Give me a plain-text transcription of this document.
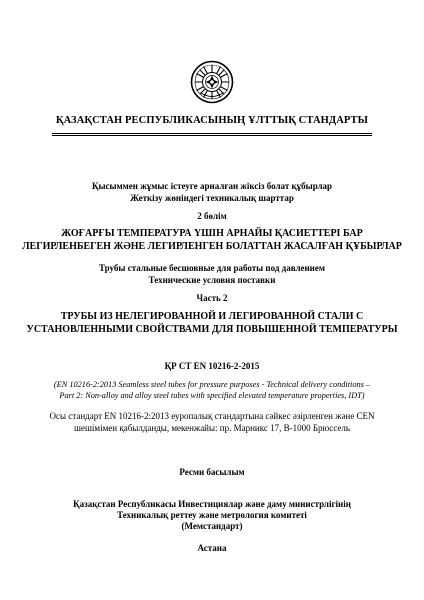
ҚАЗАҚСТАН РЕСПУБЛИКАСЫНЫҢ ҰЛТТЫҚ СТАНДАРТЫ
Қысыммен жұмыс істеуге арналған жіксіз болат құбырлар
Жеткізу жөніндегі техникалық шарттар
2 бөлім
ЖОҒАРҒЫ ТЕМПЕРАТУРА ҮШІН АРНАЙЫ ҚАСИЕТТЕРІ БАР
ЛЕГИРЛЕНБЕГЕН ЖӘНЕ ЛЕГИРЛЕНГЕН БОЛАТТАН ЖАСАЛҒАН ҚҰБЫРЛАР
Трубы стальные бесшовные для работы под давлением
Технические условия поставки
Часть 2
ТРУБЫ ИЗ НЕЛЕГИРОВАННОЙ И ЛЕГИРОВАННОЙ СТАЛИ С
УСТАНОВЛЕННЫМИ СВОЙСТВАМИ ДЛЯ ПОВЫШЕННОЙ ТЕМПЕРАТУРЫ
ҚР СТ EN 10216-2-2015
(EN 10216-2:2013 Seamless steel tubes for pressure purposes - Technical delivery conditions –
Part 2: Non-alloy and alloy steel tubes with specified elevated temperature properties, IDT)
Осы стандарт EN 10216-2:2013 еуропалық стандартына сәйкес әзірленген және CEN
шешімімен қабылданды, мекенжайы: пр. Марникс 17, B-1000 Брюссель
Ресми басылым
Қазақстан Республикасы Инвестициялар және даму министрлігінің
Техникалық реттеу және метрология комитеті
(Мемстандарт)
Астана
